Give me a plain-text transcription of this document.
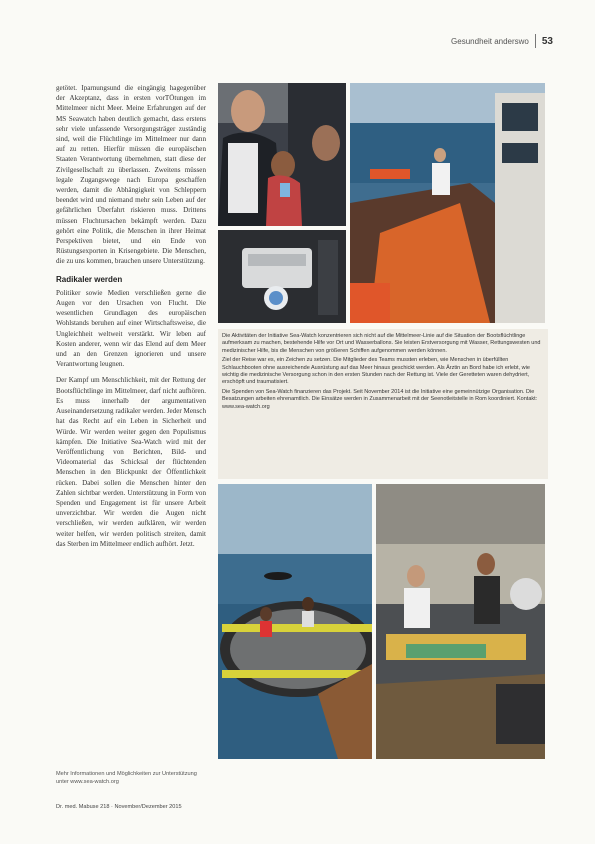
Gesundheit anderswo 53

getötet. Iparnungsund die eingängig hagegenüber der Akzeptanz, dass in ersten vorTÖtungen im Mittelmeer nicht Meer. Meine Erfahrungen auf der MS Seawatch haben deutlich gemacht, dass erstens sehr viele unfassende Versorgungsträger zuständig sind, weil die Flüchtlinge im Mittelmeer nur dann auf zu retten. Hierfür müssen die europäischen Staaten Verantwortung übernehmen, statt diese der Zivilgesellschaft zu überlassen. Zweitens müssen legale Zugangswege nach Europa geschaffen werden, damit die Abhängigkeit von Schleppern beendet wird und niemand mehr sein Leben auf der gefährlichen Überfahrt riskieren muss. Drittens müssen Fluchtursachen bekämpft werden. Dazu gehört eine Politik, die Menschen in ihrer Heimat Perspektiven bietet, und ein Ende von Rüstungsexporten in Krisengebiete. Die Menschen, die zu uns kommen, brauchen unsere Unterstützung.

Radikaler werden

Politiker sowie Medien verschließen gerne die Augen vor den Ursachen von Flucht. Die wesentlichen Grundlagen des europäischen Wohlstands beruhen auf einer Wirtschaftsweise, die Ungleichheit weltweit verstärkt. Wir leben auf Kosten anderer, wenn wir das Elend auf dem Meer und an den Grenzen ignorieren und unsere Verantwortung leugnen.

Der Kampf um Menschlichkeit, mit der Rettung der Bootsflüchtlinge im Mittelmeer, darf nicht aufhören. Es muss innerhalb der argumentativen Auseinandersetzung radikaler werden. Jeder Mensch hat das Recht auf ein Leben in Sicherheit und Würde. Wir werden weiter gegen den Populismus kämpfen. Die Initiative Sea-Watch wird mit der Veröffentlichung von Berichten, Bild- und Videomaterial das Schicksal der flüchtenden Menschen in den Blickpunkt der Öffentlichkeit rücken. Dabei sollen die Menschen hinter den Zahlen sichtbar werden. Unterstützung in Form von Spenden und Engagement ist für unsere Arbeit unverzichtbar. Wir werden die Augen nicht verschließen, wir werden aufklären, wir werden weiter helfen, wir werden politisch streiten, damit das Sterben im Mittelmeer endlich aufhört. Jetzt.

Mehr Informationen und Möglichkeiten zur Unterstützung unter www.sea-watch.org
Dr. med. Mabuse 218 · November/Dezember 2015

Die Aktivitäten der Initiative Sea-Watch konzentrieren sich nicht auf die Mittelmeer-Linie auf die Situation der Bootsflüchtlinge aufmerksam zu machen, bestehende Hilfe vor Ort und Wasserballons. Sie leisten Erstversorgung mit Wasser, Rettungswesten und medizinischer Hilfe, bis die Menschen von größeren Schiffen aufgenommen werden können.

Ziel der Reise war es, ein Zeichen zu setzen. Die Mitglieder des Teams mussten erleben, wie Menschen in überfüllten Schlauchbooten ohne ausreichende Ausrüstung auf das Meer hinaus geschickt werden. Als Ärztin an Bord habe ich erlebt, wie wichtig die medizinische Versorgung schon in den ersten Stunden nach der Rettung ist. Viele der Geretteten waren dehydriert, erschöpft und traumatisiert.

Die Spenden von Sea-Watch finanzieren das Projekt. Seit November 2014 ist die Initiative eine gemeinnützige Organisation. Die Besatzungen arbeiten ehrenamtlich. Die Einsätze werden in Zusammenarbeit mit der Seenotleitstelle in Rom koordiniert. Kontakt: www.sea-watch.org
